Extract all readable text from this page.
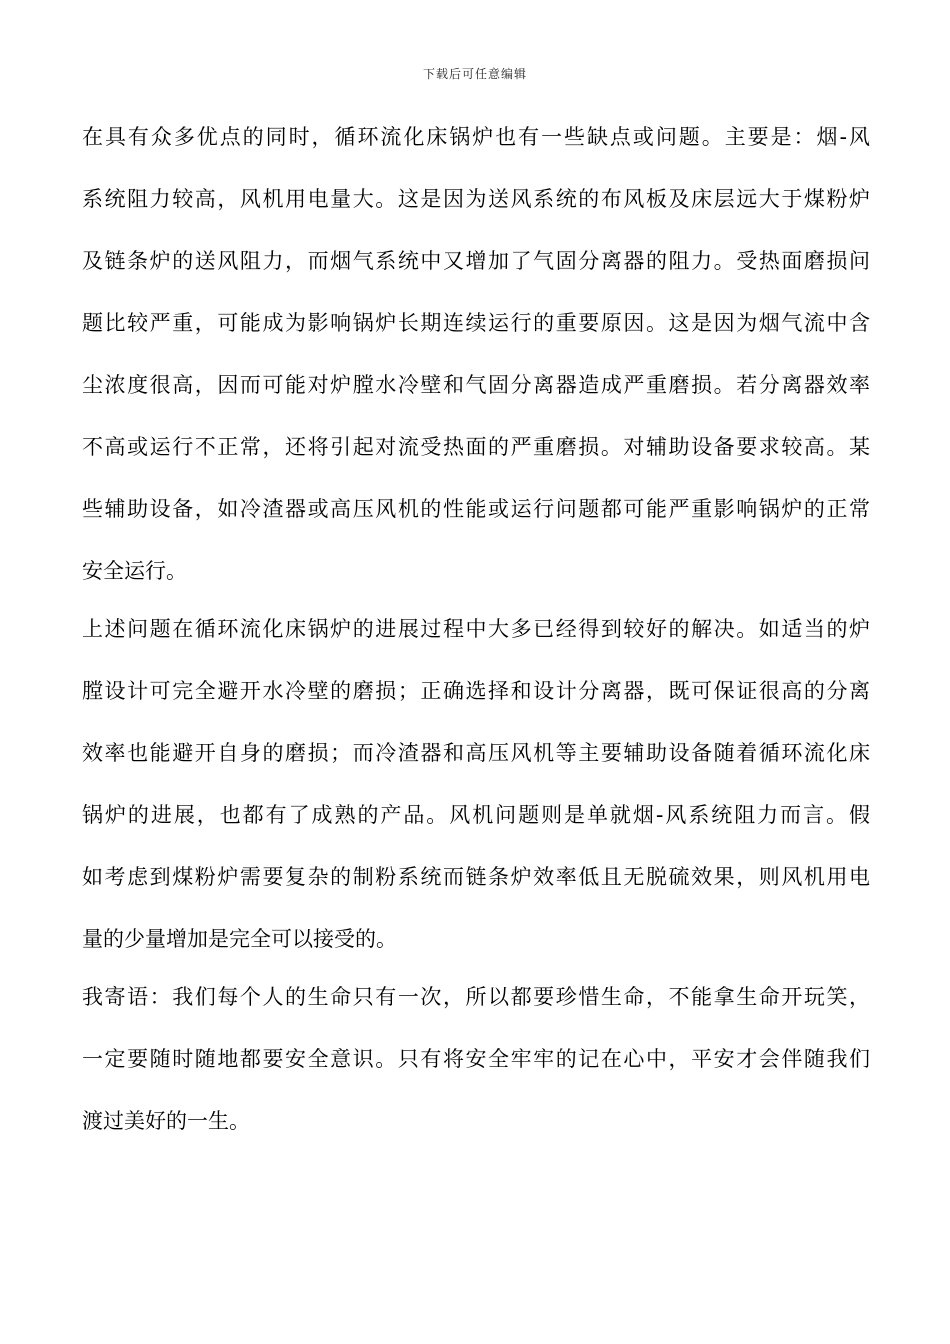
下载后可任意编辑
在具有众多优点的同时，循环流化床锅炉也有一些缺点或问题。主要是：烟-风
系统阻力较高，风机用电量大。这是因为送风系统的布风板及床层远大于煤粉炉
及链条炉的送风阻力，而烟气系统中又增加了气固分离器的阻力。受热面磨损问
题比较严重，可能成为影响锅炉长期连续运行的重要原因。这是因为烟气流中含
尘浓度很高，因而可能对炉膛水冷壁和气固分离器造成严重磨损。若分离器效率
不高或运行不正常，还将引起对流受热面的严重磨损。对辅助设备要求较高。某
些辅助设备，如冷渣器或高压风机的性能或运行问题都可能严重影响锅炉的正常
安全运行。
上述问题在循环流化床锅炉的进展过程中大多已经得到较好的解决。如适当的炉
膛设计可完全避开水冷壁的磨损；正确选择和设计分离器，既可保证很高的分离
效率也能避开自身的磨损；而冷渣器和高压风机等主要辅助设备随着循环流化床
锅炉的进展，也都有了成熟的产品。风机问题则是单就烟-风系统阻力而言。假
如考虑到煤粉炉需要复杂的制粉系统而链条炉效率低且无脱硫效果，则风机用电
量的少量增加是完全可以接受的。
我寄语：我们每个人的生命只有一次，所以都要珍惜生命，不能拿生命开玩笑，
一定要随时随地都要安全意识。只有将安全牢牢的记在心中，平安才会伴随我们
渡过美好的一生。
